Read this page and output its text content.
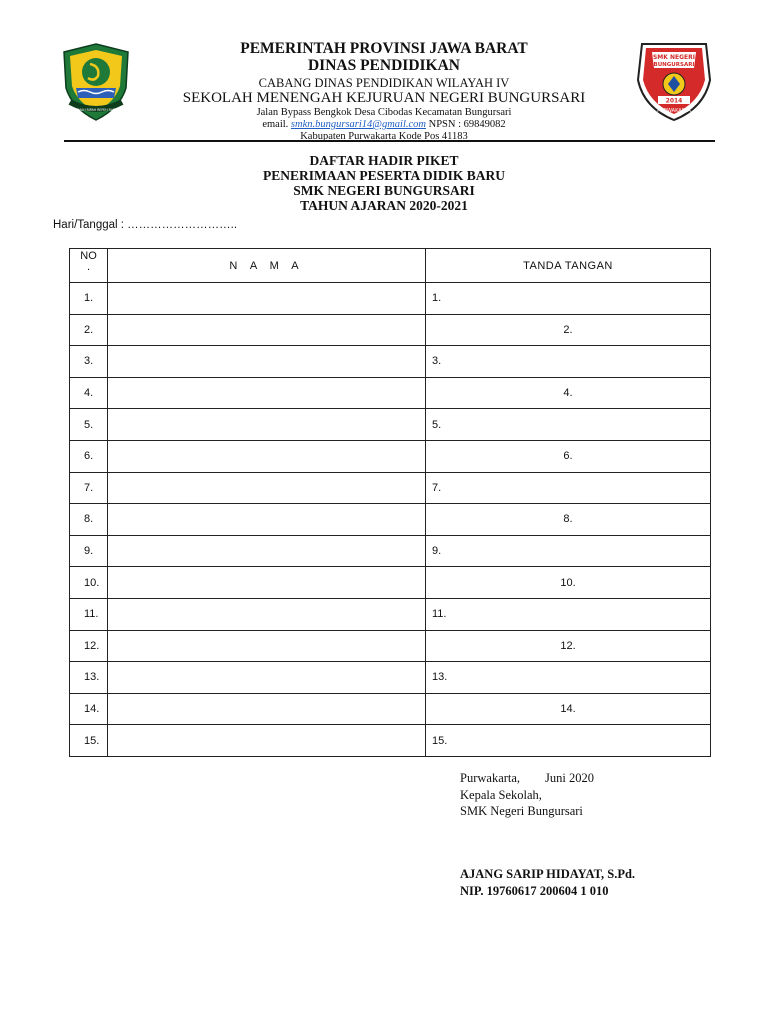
GEMAH RIPAH REPEH RAPIH
PEMERINTAH PROVINSI JAWA BARAT
DINAS PENDIDIKAN
CABANG DINAS PENDIDIKAN WILAYAH IV
SEKOLAH MENENGAH KEJURUAN NEGERI BUNGURSARI
Jalan Bypass Bengkok Desa Cibodas Kecamatan Bungursari
email. smkn.bungursari14@gmail.com NPSN : 69849082
Kabupaten Purwakarta Kode Pos 41183
SMK NEGERI
BUNGURSARI
2014
PURWAKARTA
DAFTAR HADIR PIKET
PENERIMAAN PESERTA DIDIK BARU
SMK NEGERI BUNGURSARI
TAHUN AJARAN 2020-2021
Hari/Tanggal : ………………………..
NO
.	N A M A	TANDA TANGAN
1.		1.
2.		2.
3.		3.
4.		4.
5.		5.
6.		6.
7.		7.
8.		8.
9.		9.
10.		10.
11.		11.
12.		12.
13.		13.
14.		14.
15.		15.
Purwakarta,        Juni 2020
Kepala Sekolah,
SMK Negeri Bungursari
AJANG SARIP HIDAYAT, S.Pd.
NIP. 19760617 200604 1 010
